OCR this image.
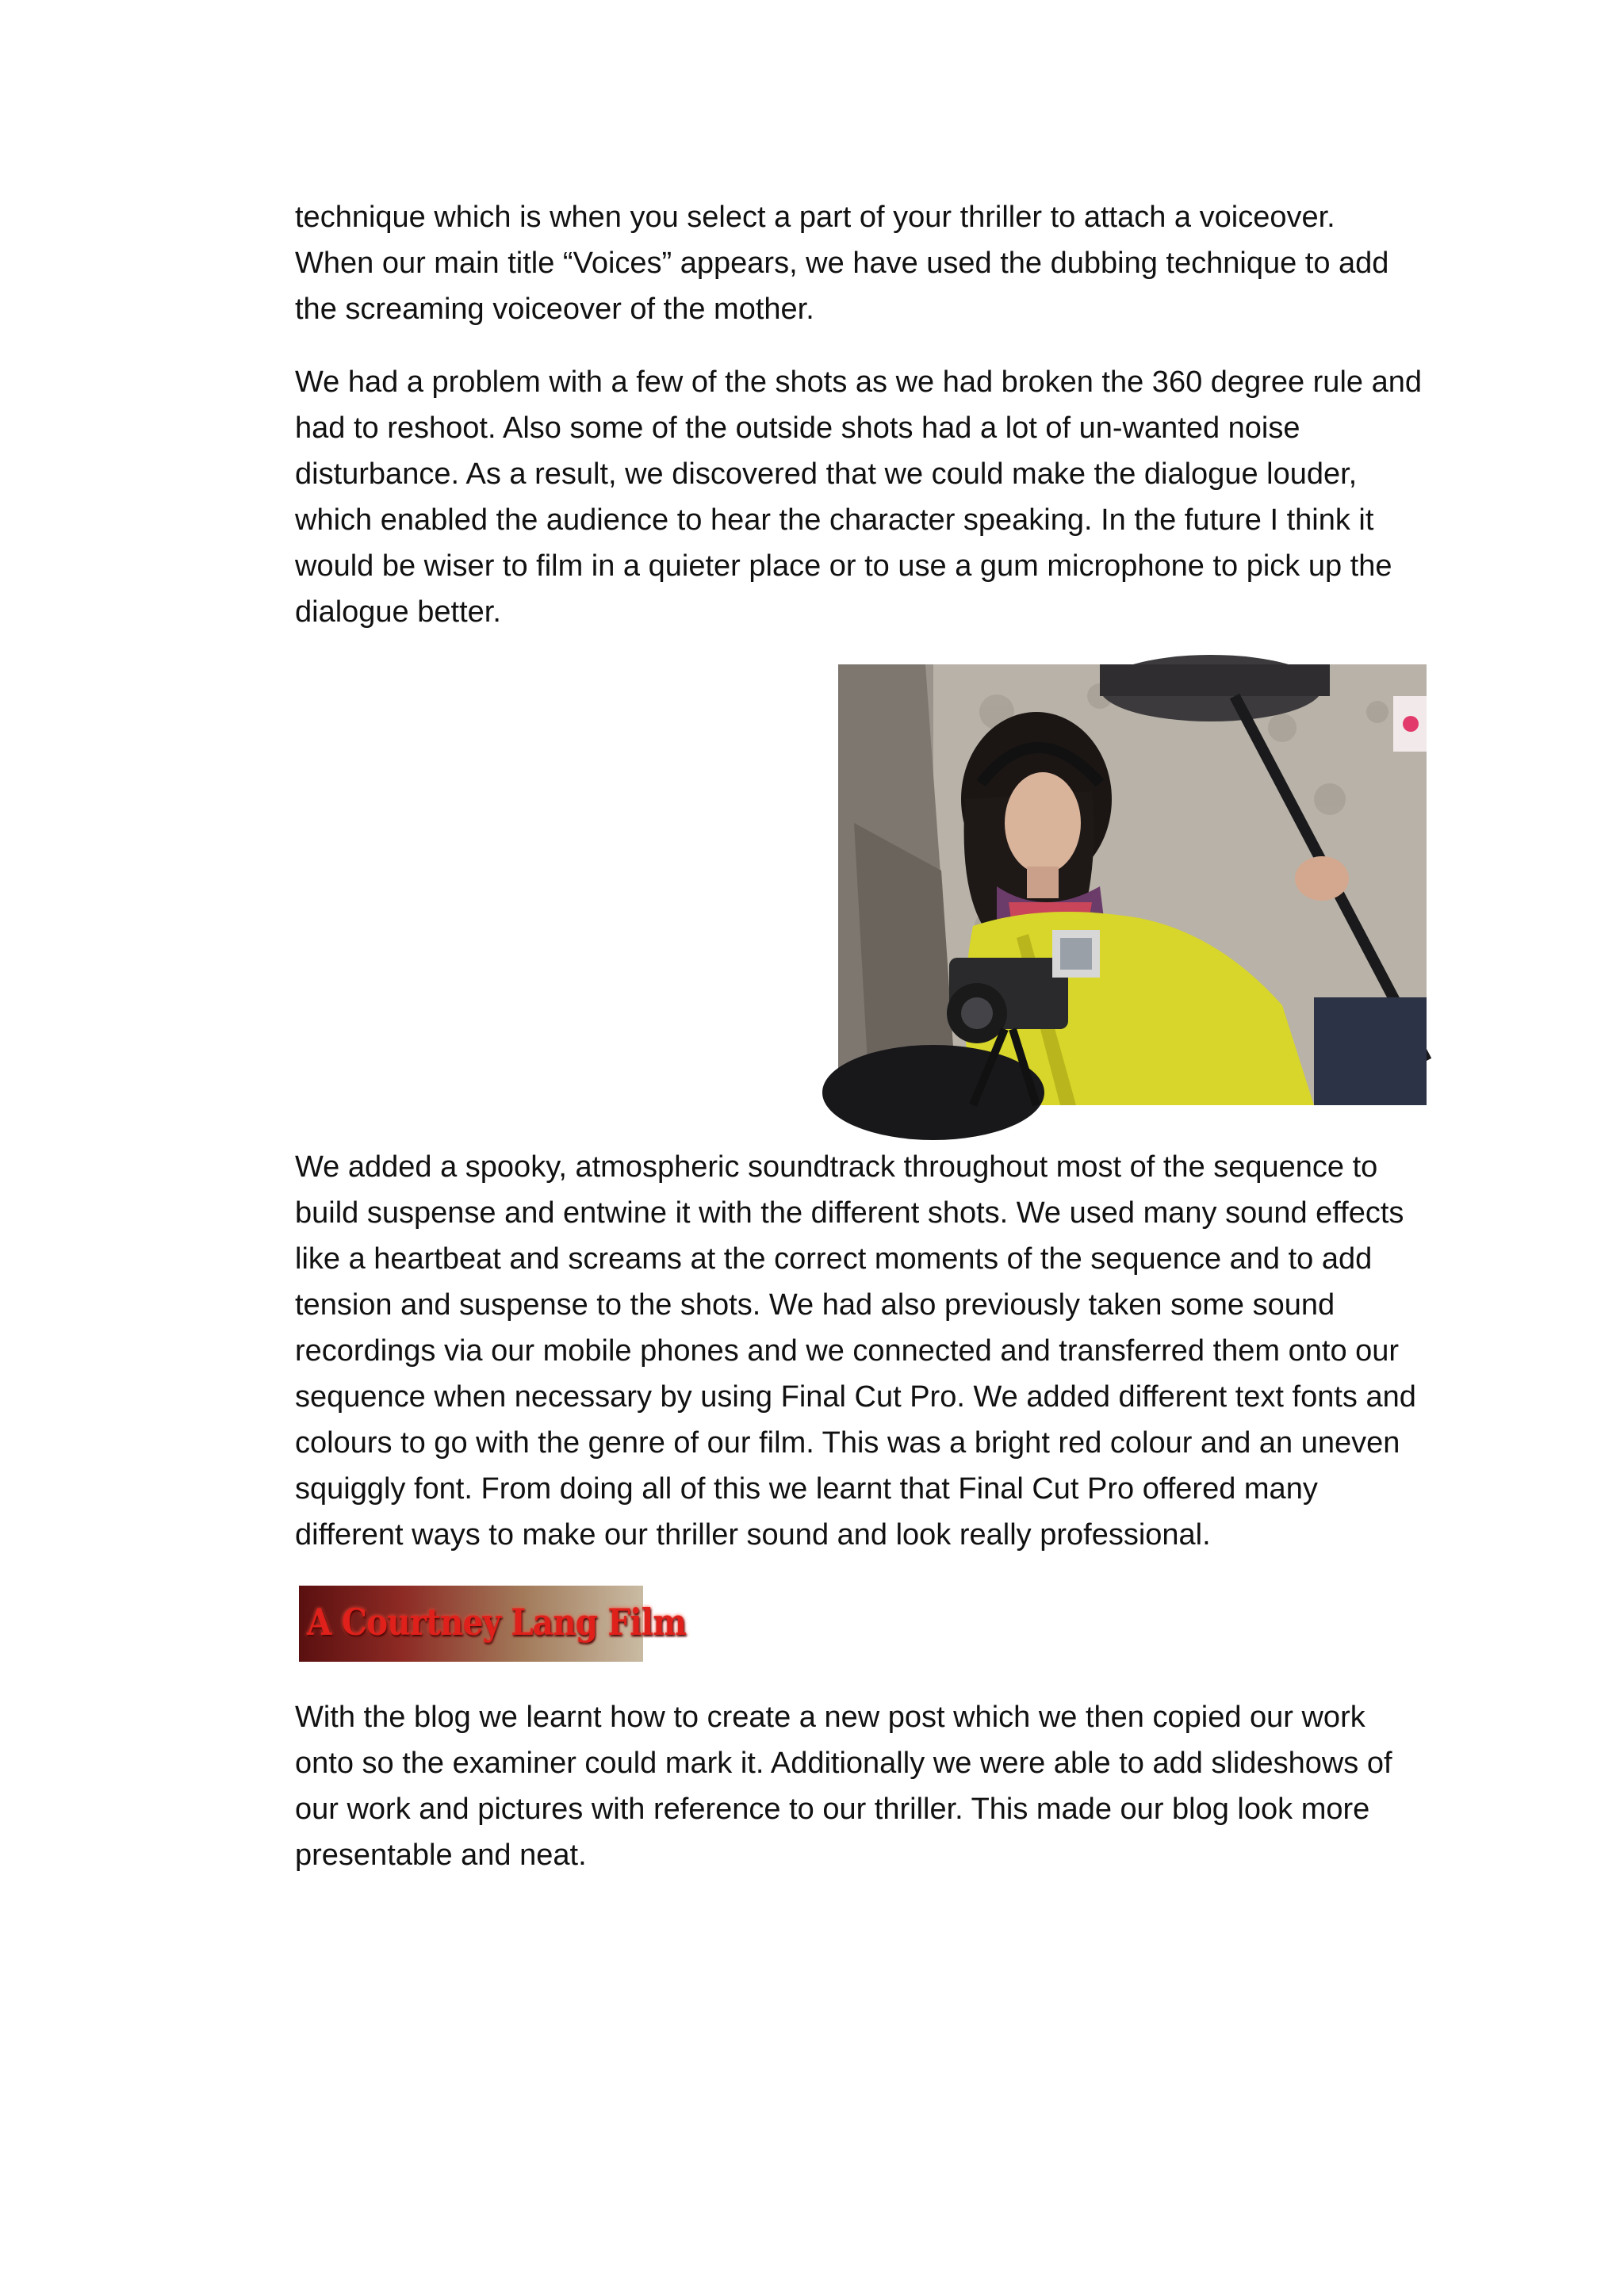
technique which is when you select a part of your thriller to attach a voiceover.
When our main title “Voices” appears, we have used the dubbing technique to add
the screaming voiceover of the mother.

We had a problem with a few of the shots as we had broken the 360 degree rule and
had to reshoot. Also some of the outside shots had a lot of un-wanted noise
disturbance. As a result, we discovered that we could make the dialogue louder,
which enabled the audience to hear the character speaking. In the future I think it
would be wiser to film in a quieter place or to use a gum microphone to pick up the
dialogue better.

We added a spooky, atmospheric soundtrack throughout most of the sequence to
build suspense and entwine it with the different shots. We used many sound effects
like a heartbeat and screams at the correct moments of the sequence and to add
tension and suspense to the shots. We had also previously taken some sound
recordings via our mobile phones and we connected and transferred them onto our
sequence when necessary by using Final Cut Pro. We added different text fonts and
colours to go with the genre of our film. This was a bright red colour and an uneven
squiggly font. From doing all of this we learnt that Final Cut Pro offered many
different ways to make our thriller sound and look really professional.

A Courtney Lang Film

With the blog we learnt how to create a new post which we then copied our work
onto so the examiner could mark it. Additionally we were able to add slideshows of
our work and pictures with reference to our thriller. This made our blog look more
presentable and neat.
